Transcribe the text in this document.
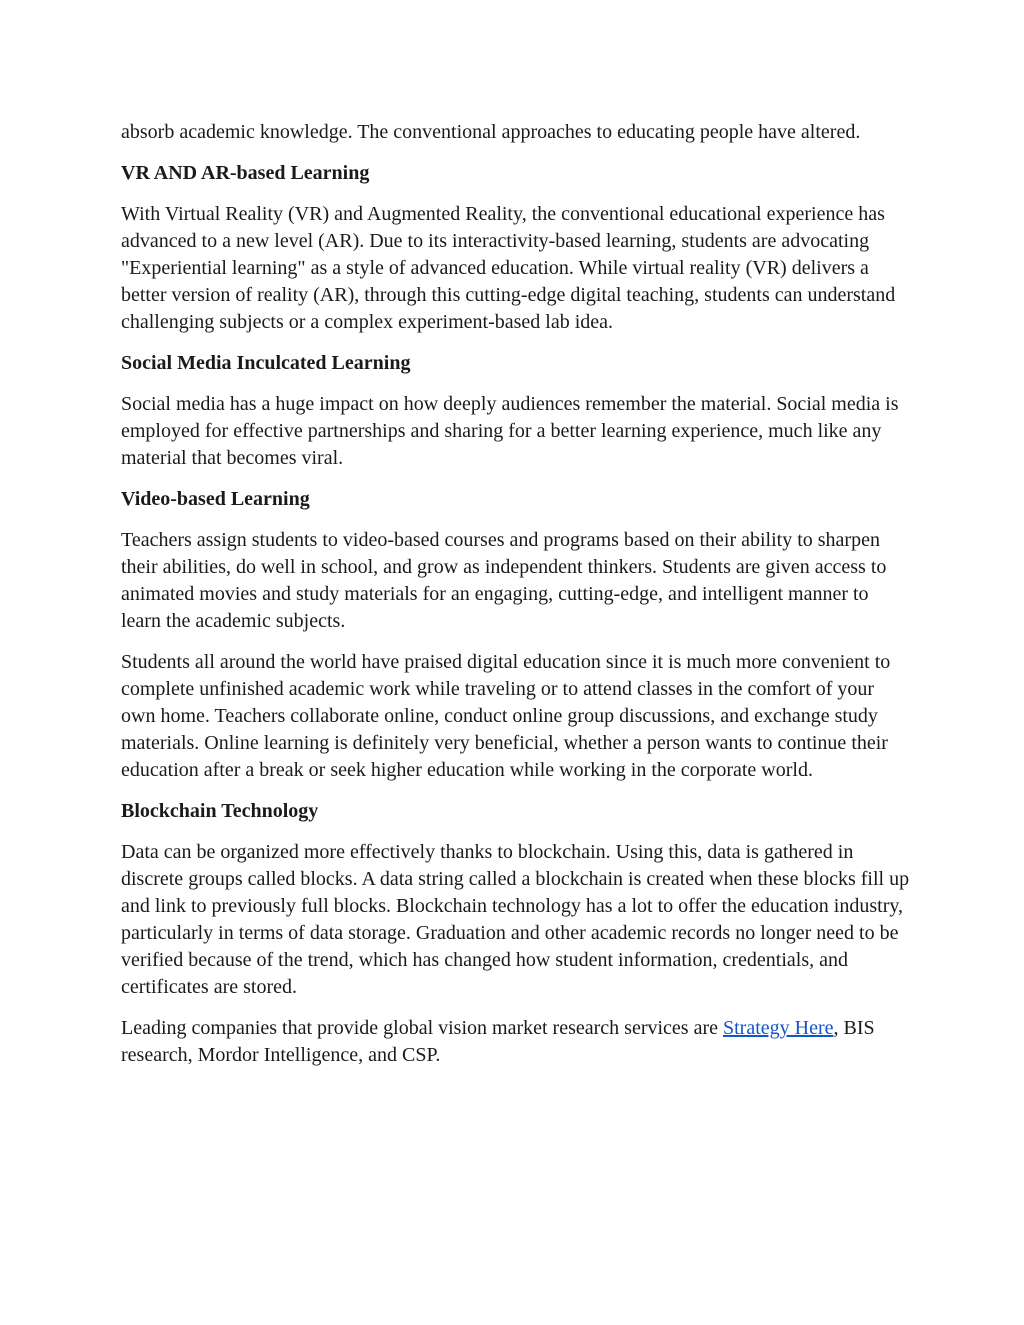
absorb academic knowledge. The conventional approaches to educating people have altered.

VR AND AR-based Learning

With Virtual Reality (VR) and Augmented Reality, the conventional educational experience has advanced to a new level (AR). Due to its interactivity-based learning, students are advocating "Experiential learning" as a style of advanced education. While virtual reality (VR) delivers a better version of reality (AR), through this cutting-edge digital teaching, students can understand challenging subjects or a complex experiment-based lab idea.

Social Media Inculcated Learning

Social media has a huge impact on how deeply audiences remember the material. Social media is employed for effective partnerships and sharing for a better learning experience, much like any material that becomes viral.

Video-based Learning

Teachers assign students to video-based courses and programs based on their ability to sharpen their abilities, do well in school, and grow as independent thinkers. Students are given access to animated movies and study materials for an engaging, cutting-edge, and intelligent manner to learn the academic subjects.

Students all around the world have praised digital education since it is much more convenient to complete unfinished academic work while traveling or to attend classes in the comfort of your own home. Teachers collaborate online, conduct online group discussions, and exchange study materials. Online learning is definitely very beneficial, whether a person wants to continue their education after a break or seek higher education while working in the corporate world.

Blockchain Technology

Data can be organized more effectively thanks to blockchain. Using this, data is gathered in discrete groups called blocks. A data string called a blockchain is created when these blocks fill up and link to previously full blocks. Blockchain technology has a lot to offer the education industry, particularly in terms of data storage. Graduation and other academic records no longer need to be verified because of the trend, which has changed how student information, credentials, and certificates are stored.

Leading companies that provide global vision market research services are Strategy Here, BIS research, Mordor Intelligence, and CSP.
